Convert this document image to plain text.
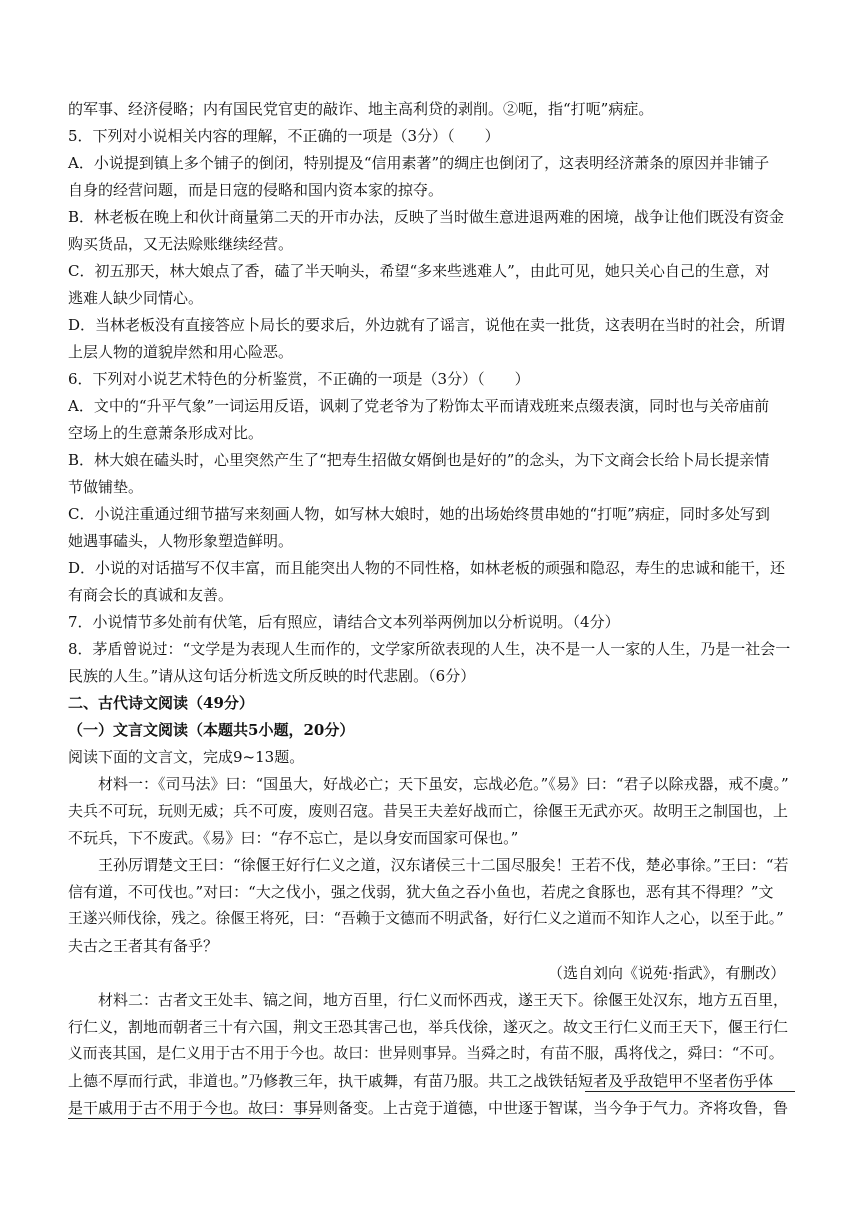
的军事、经济侵略；内有国民党官吏的敲诈、地主高利贷的剥削。②呃，指“打呃”病症。
5．下列对小说相关内容的理解，不正确的一项是（3分）（　　）
A．小说提到镇上多个铺子的倒闭，特别提及“信用素著”的绸庄也倒闭了，这表明经济萧条的原因并非铺子
自身的经营问题，而是日寇的侵略和国内资本家的掠夺。
B．林老板在晚上和伙计商量第二天的开市办法，反映了当时做生意进退两难的困境，战争让他们既没有资金
购买货品，又无法赊账继续经营。
C．初五那天，林大娘点了香，磕了半天响头，希望“多来些逃难人”，由此可见，她只关心自己的生意，对
逃难人缺少同情心。
D．当林老板没有直接答应卜局长的要求后，外边就有了谣言，说他在卖一批货，这表明在当时的社会，所谓
上层人物的道貌岸然和用心险恶。
6．下列对小说艺术特色的分析鉴赏，不正确的一项是（3分）（　　）
A．文中的“升平气象”一词运用反语，讽刺了党老爷为了粉饰太平而请戏班来点缀表演，同时也与关帝庙前
空场上的生意萧条形成对比。
B．林大娘在磕头时，心里突然产生了“把寿生招做女婿倒也是好的”的念头，为下文商会长给卜局长提亲情
节做铺垫。
C．小说注重通过细节描写来刻画人物，如写林大娘时，她的出场始终贯串她的“打呃”病症，同时多处写到
她遇事磕头，人物形象塑造鲜明。
D．小说的对话描写不仅丰富，而且能突出人物的不同性格，如林老板的顽强和隐忍，寿生的忠诚和能干，还
有商会长的真诚和友善。
7．小说情节多处前有伏笔，后有照应，请结合文本列举两例加以分析说明。（4分）
8．茅盾曾说过：“文学是为表现人生而作的，文学家所欲表现的人生，决不是一人一家的人生，乃是一社会一
民族的人生。”请从这句话分析选文所反映的时代悲剧。（6分）
二、古代诗文阅读（49分）
（一）文言文阅读（本题共5小题，20分）
阅读下面的文言文，完成9~13题。
材料一：《司马法》曰：“国虽大，好战必亡；天下虽安，忘战必危。”《易》曰：“君子以除戎器，戒不虞。”
夫兵不可玩，玩则无威；兵不可废，废则召寇。昔吴王夫差好战而亡，徐偃王无武亦灭。故明王之制国也，上
不玩兵，下不废武。《易》曰：“存不忘亡，是以身安而国家可保也。”
王孙厉谓楚文王曰：“徐偃王好行仁义之道，汉东诸侯三十二国尽服矣！王若不伐，楚必事徐。”王曰：“若
信有道，不可伐也。”对曰：“大之伐小，强之伐弱，犹大鱼之吞小鱼也，若虎之食豚也，恶有其不得理？”文
王遂兴师伐徐，残之。徐偃王将死，曰：“吾赖于文德而不明武备，好行仁义之道而不知诈人之心，以至于此。”
夫古之王者其有备乎？
（选自刘向《说苑·指武》，有删改）
材料二：古者文王处丰、镐之间，地方百里，行仁义而怀西戎，遂王天下。徐偃王处汉东，地方五百里，
行仁义，割地而朝者三十有六国，荆文王恐其害己也，举兵伐徐，遂灭之。故文王行仁义而王天下，偃王行仁
义而丧其国，是仁义用于古不用于今也。故曰：世异则事异。当舜之时，有苗不服，禹将伐之，舜曰：“不可。
上德不厚而行武，非道也。”乃修教三年，执干戚舞，有苗乃服。共工之战铁铦短者及乎敌铠甲不坚者伤乎体
是干戚用于古不用于今也。故曰：事异则备变。上古竞于道德，中世逐于智谋，当今争于气力。齐将攻鲁，鲁
